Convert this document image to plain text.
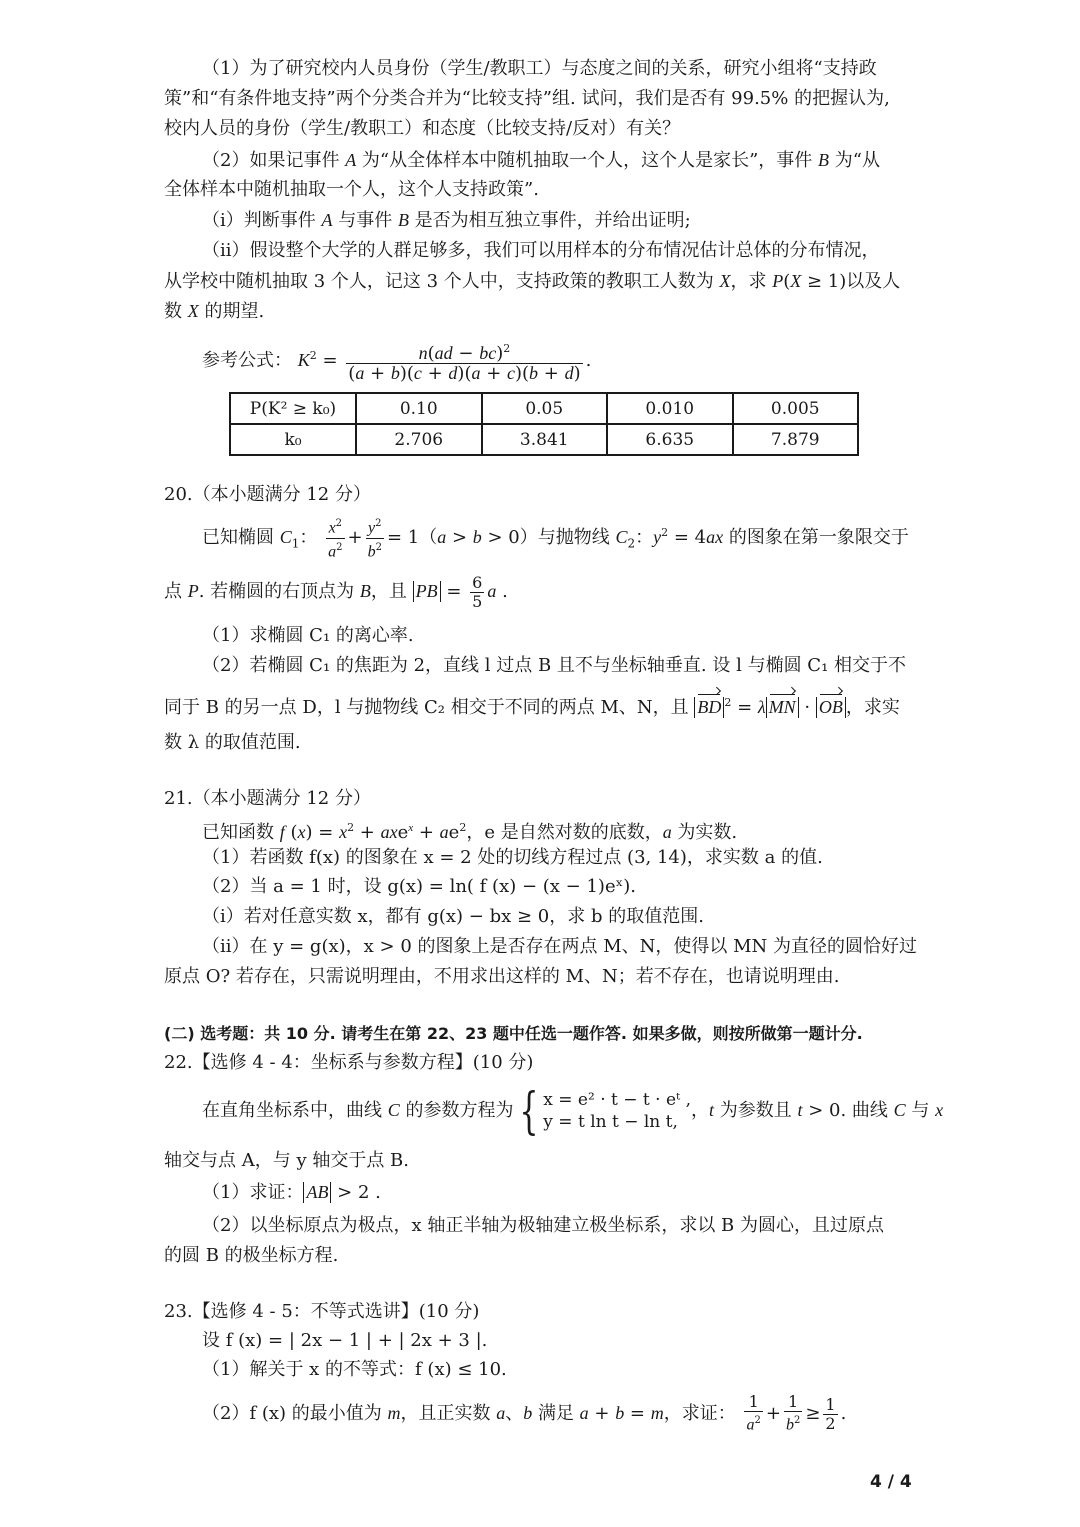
（1）为了研究校内人员身份（学生/教职工）与态度之间的关系，研究小组将“支持政
策”和“有条件地支持”两个分类合并为“比较支持”组. 试问，我们是否有 99.5% 的把握认为,
校内人员的身份（学生/教职工）和态度（比较支持/反对）有关？
（2）如果记事件 A 为“从全体样本中随机抽取一个人，这个人是家长”，事件 B 为“从
全体样本中随机抽取一个人，这个人支持政策”.
（i）判断事件 A 与事件 B 是否为相互独立事件，并给出证明;
（ii）假设整个大学的人群足够多，我们可以用样本的分布情况估计总体的分布情况，
从学校中随机抽取 3 个人，记这 3 个人中，支持政策的教职工人数为 X，求 P(X ≥ 1)以及人
数 X 的期望.
参考公式： $K^2 = \frac{n(ad - bc)^2}{(a + b)(c + d)(a + c)(b + d)}$ .
P(K² ≥ k₀)	0.10	0.05	0.010	0.005
k₀	2.706	3.841	6.635	7.879
20.（本小题满分 12 分）
已知椭圆 $C_1$： $\frac{x^2}{a^2} + \frac{y^2}{b^2} = 1(a > b > 0)$与抛物线 $C_2$：$y^2 = 4ax$ 的图象在第一象限交于
点 P. 若椭圆的右顶点为 B，且 PB = $\frac{6}{5}$ a .
（1）求椭圆 C₁ 的离心率.
（2）若椭圆 C₁ 的焦距为 2，直线 l 过点 B 且不与坐标轴垂直. 设 l 与椭圆 C₁ 相交于不
同于 B 的另一点 D，l 与抛物线 C₂ 相交于不同的两点 M、N，且 BD $^2$ = λ MN · OB ，求实
数 λ 的取值范围.
21.（本小题满分 12 分）
已知函数 f $(x) = x^2 + axe^x + ae^2$，e 是自然对数的底数，a 为实数.
（1）若函数 f(x) 的图象在 x = 2 处的切线方程过点 (3, 14)，求实数 a 的值.
（2）当 a = 1 时，设 g(x) = ln( f (x) − (x − 1)eˣ).
（i）若对任意实数 x，都有 g(x) − bx ≥ 0，求 b 的取值范围.
（ii）在 y = g(x)，x > 0 的图象上是否存在两点 M、N，使得以 MN 为直径的圆恰好过
原点 O? 若存在，只需说明理由，不用求出这样的 M、N；若不存在，也请说明理由.
(二) 选考题：共 10 分. 请考生在第 22、23 题中任选一题作答. 如果多做，则按所做第一题计分.
22.【选修 4 - 4：坐标系与参数方程】(10 分)
在直角坐标系中，曲线 C 的参数方程为 { x = e² · t − t · eᵗ ,
y = t ln t − ln t,，t 为参数且 t > 0. 曲线 C 与 x
轴交与点 A，与 y 轴交于点 B.
（1）求证： AB > 2 .
（2）以坐标原点为极点，x 轴正半轴为极轴建立极坐标系，求以 B 为圆心，且过原点
的圆 B 的极坐标方程.
23.【选修 4 - 5：不等式选讲】(10 分)
设 f (x) = | 2x − 1 | + | 2x + 3 |.
（1）解关于 x 的不等式：f (x) ≤ 10.
（2）f (x) 的最小值为 m，且正实数 a、b 满足 a + b = m，求证： $\frac{1}{a^2} + \frac{1}{b^2} \ge \frac{1}{2}$ .
4 / 4
